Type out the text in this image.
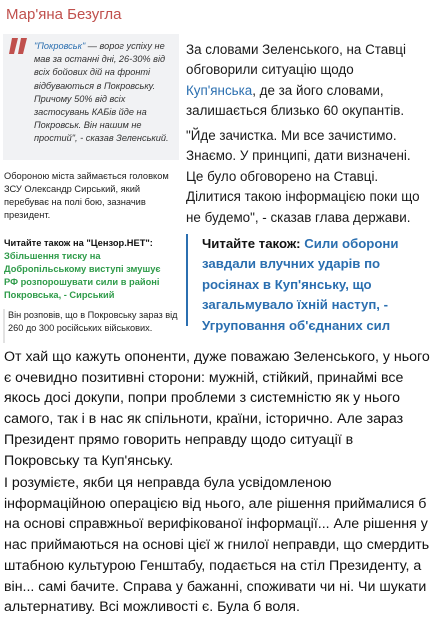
Мар'яна Безугла
"Покровськ" — ворог успіху не мав за останні дні, 26-30% від всіх бойових дій на фронті відбуваються в Покровську. Причому 50% від всіх застосувань КАБів йде на Покровськ. Він нашим не простий", - сказав Зеленський.
Обороною міста займається головком ЗСУ Олександр Сирський, який перебуває на полі бою, зазначив президент.
Читайте також на "Цензор.НЕТ":
Збільшення тиску на Добропільському виступі змушує РФ розпорошувати сили в районі Покровська, - Сирський
Він розповів, що в Покровську зараз від 260 до 300 російських військових.
За словами Зеленського, на Ставці обговорили ситуацію щодо Куп'янська, де за його словами, залишається близько 60 окупантів.
"Йде зачистка. Ми все зачистимо. Знаємо. У принципі, дати визначені. Це було обговорено на Ставці. Ділитися такою інформацією поки що не будемо", - сказав глава держави.
Читайте також: Сили оборони завдали влучних ударів по росіянах в Куп'янську, що загальмувало їхній наступ, - Угруповання об'єднаних сил
От хай що кажуть опоненти, дуже поважаю Зеленського, у нього є очевидно позитивні сторони: мужній, стійкий, принаймі все якось досі докупи, попри проблеми з системністю як у нього самого, так і в нас як спільноти, країни, історично. Але зараз Президент прямо говорить неправду щодо ситуації в Покровську та Куп'янську.
І розумієте, якби ця неправда була усвідомленою інформаційною операцією від нього, але рішення приймалися б на основі справжньої верифікованої інформації... Але рішення у нас приймаються на основі цієї ж гнилої неправди, що смердить штабною культурою Генштабу, подається на стіл Президенту, а він... самі бачите. Справа у бажанні, споживати чи ні. Чи шукати альтернативу. Всі можливості є. Була б воля.
